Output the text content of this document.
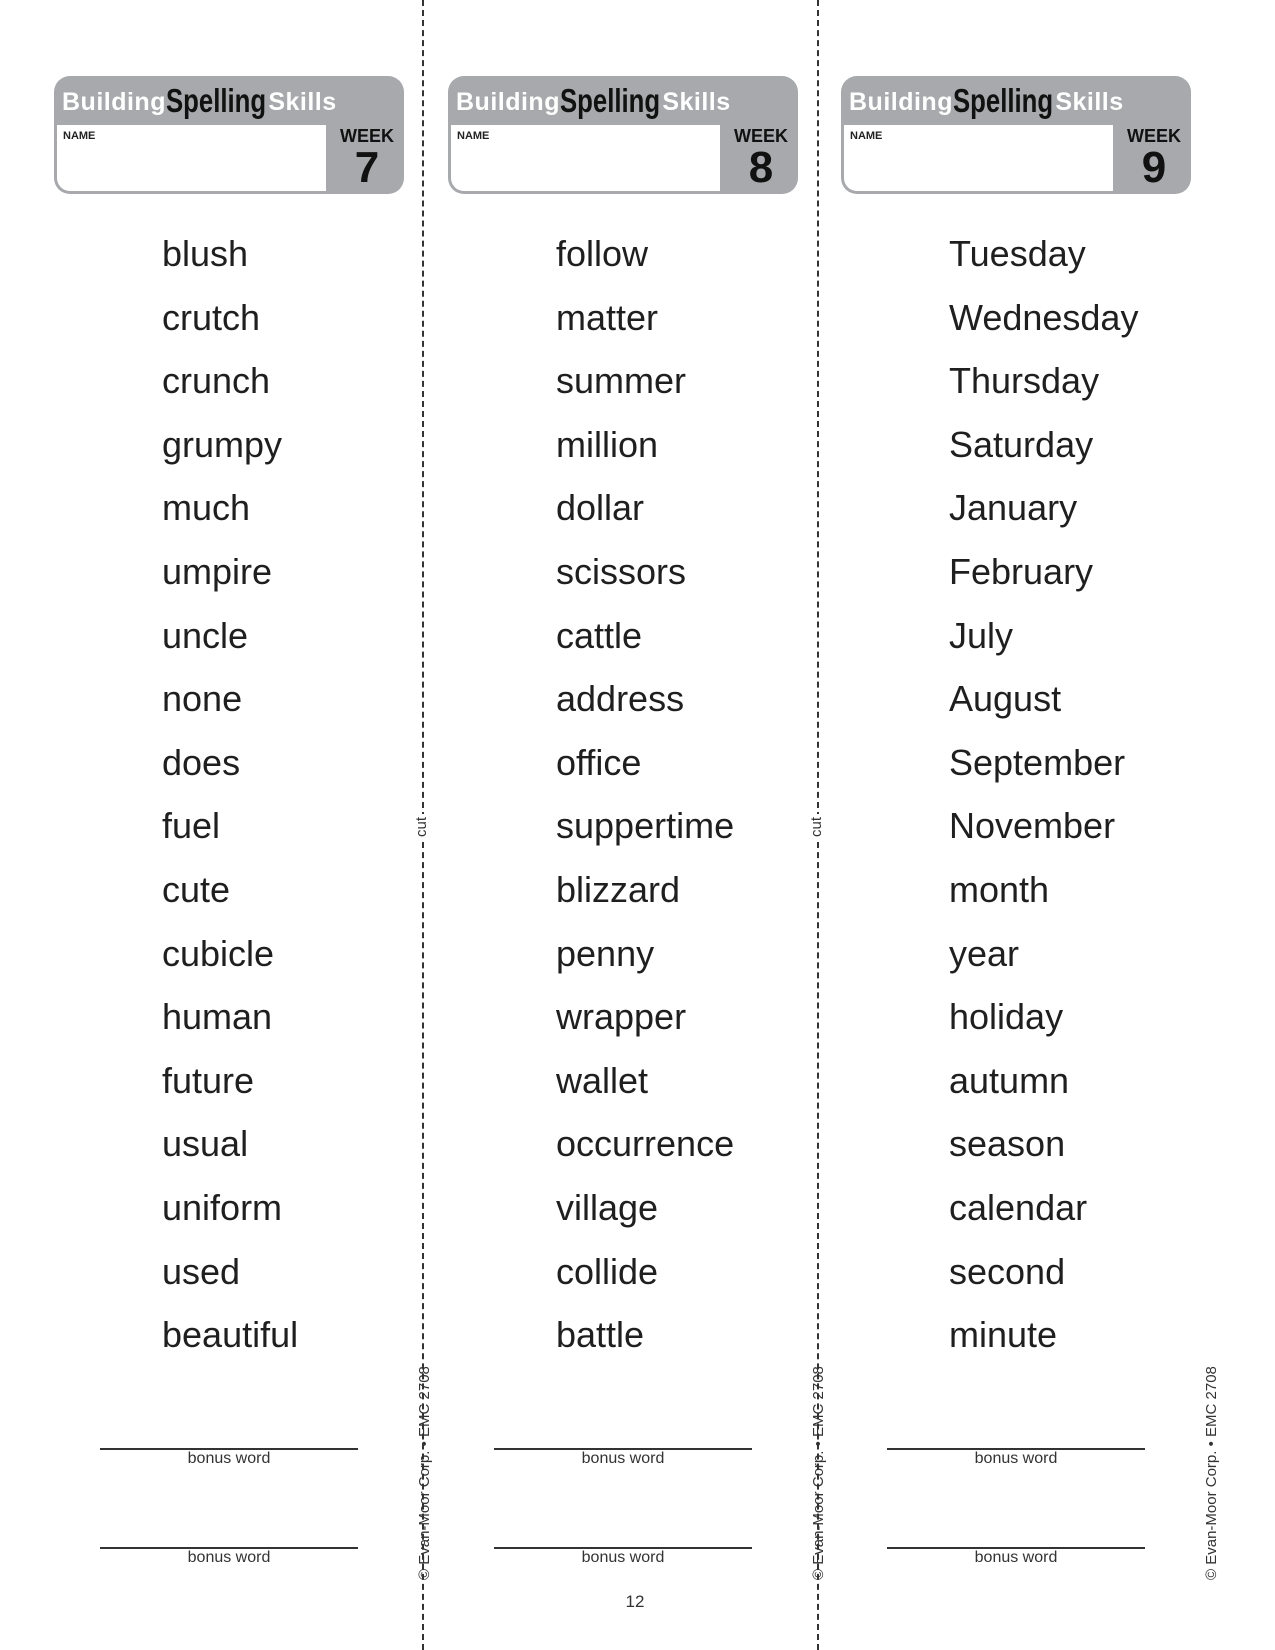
cut	cut
BuildingSpellingSkills
NAME	WEEK
7
blush
crutch
crunch
grumpy
much
umpire
uncle
none
does
fuel
cute
cubicle
human
future
usual
uniform
used
beautiful
bonus word
bonus word	© Evan-Moor Corp. • EMC 2708
BuildingSpellingSkills
NAME	WEEK
8
follow
matter
summer
million
dollar
scissors
cattle
address
office
suppertime
blizzard
penny
wrapper
wallet
occurrence
village
collide
battle
bonus word
bonus word	© Evan-Moor Corp. • EMC 2708
BuildingSpellingSkills
NAME	WEEK
9
Tuesday
Wednesday
Thursday
Saturday
January
February
July
August
September
November
month
year
holiday
autumn
season
calendar
second
minute
bonus word
bonus word	© Evan-Moor Corp. • EMC 2708
12
